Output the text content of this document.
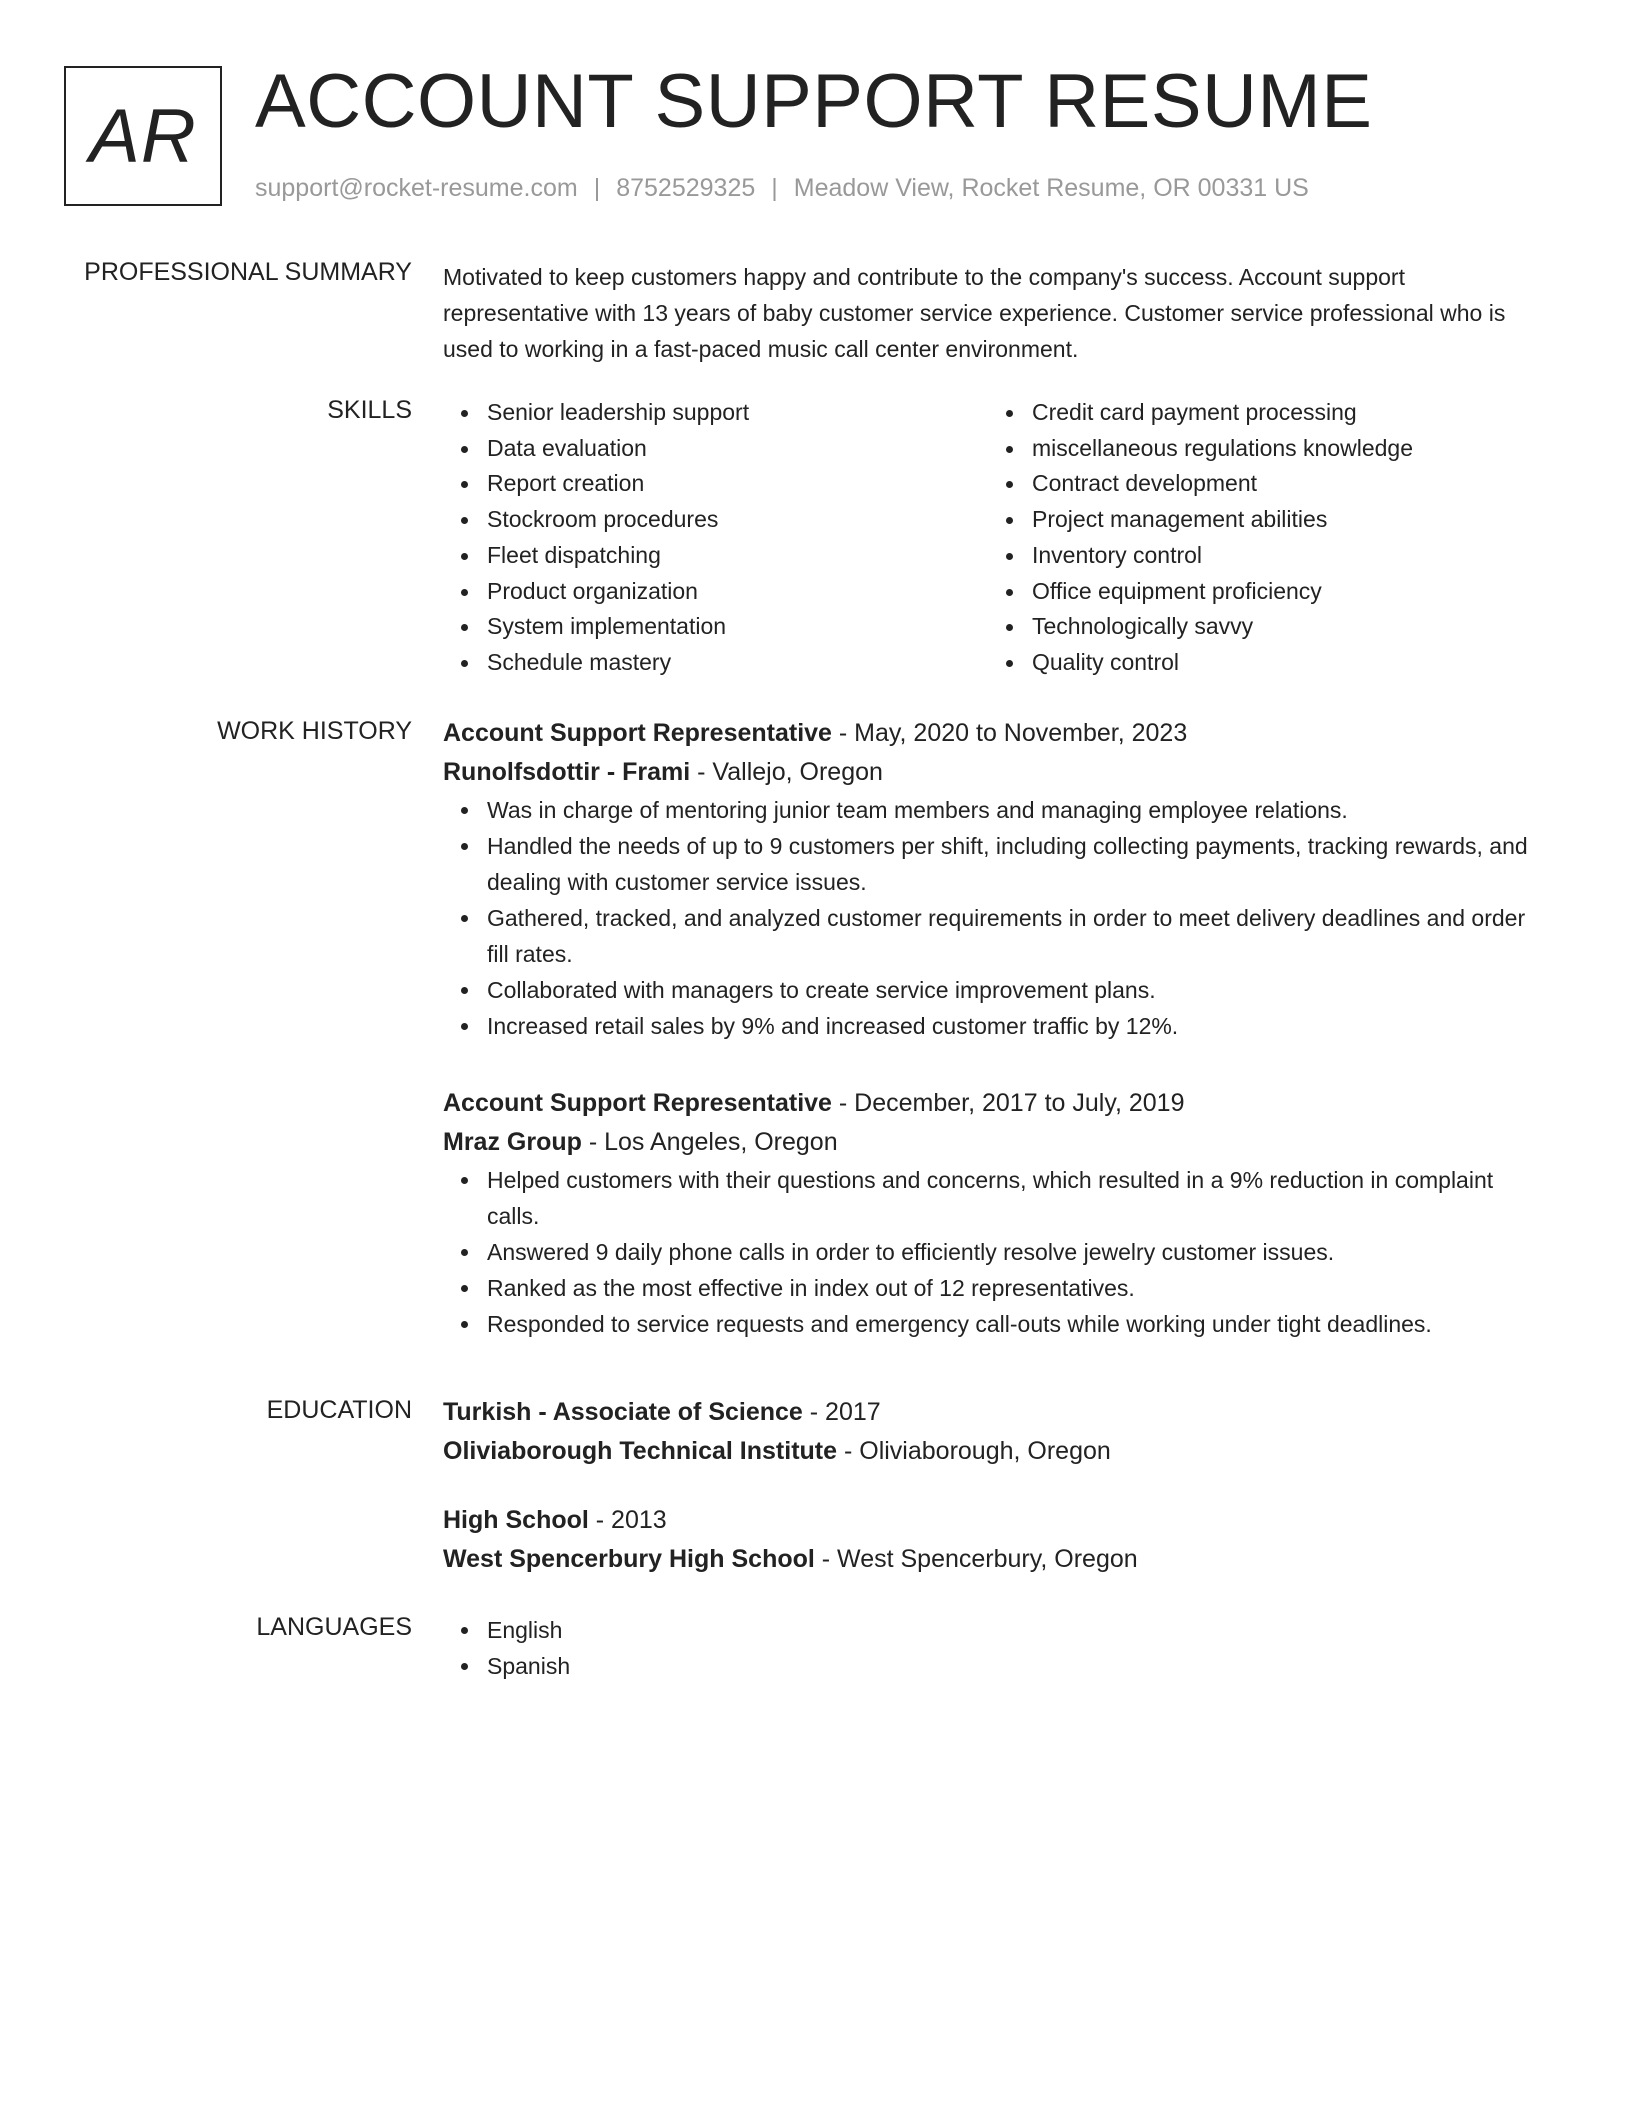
AR ACCOUNT SUPPORT RESUME
support@rocket-resume.com | 8752529325 | Meadow View, Rocket Resume, OR 00331 US
PROFESSIONAL SUMMARY Motivated to keep customers happy and contribute to the company's success. Account support representative with 13 years of baby customer service experience. Customer service professional who is used to working in a fast-paced music call center environment.

SKILLS	Senior leadership support
Data evaluation
Report creation
Stockroom procedures
Fleet dispatching
Product organization
System implementation
Schedule mastery
Credit card payment processing
miscellaneous regulations knowledge
Contract development
Project management abilities
Inventory control
Office equipment proficiency
Technologically savvy
Quality control
WORK HISTORY Account Support Representative - May, 2020 to November, 2023
Runolfsdottir - Frami - Vallejo, Oregon
Was in charge of mentoring junior team members and managing employee relations.
Handled the needs of up to 9 customers per shift, including collecting payments, tracking rewards, and dealing with customer service issues.
Gathered, tracked, and analyzed customer requirements in order to meet delivery deadlines and order fill rates.
Collaborated with managers to create service improvement plans.
Increased retail sales by 9% and increased customer traffic by 12%.
Account Support Representative - December, 2017 to July, 2019
Mraz Group - Los Angeles, Oregon
Helped customers with their questions and concerns, which resulted in a 9% reduction in complaint calls.
Answered 9 daily phone calls in order to efficiently resolve jewelry customer issues.
Ranked as the most effective in index out of 12 representatives.
Responded to service requests and emergency call-outs while working under tight deadlines.
EDUCATION Turkish - Associate of Science - 2017
Oliviaborough Technical Institute - Oliviaborough, Oregon
High School - 2013
West Spencerbury High School - West Spencerbury, Oregon
LANGUAGES	English
Spanish
